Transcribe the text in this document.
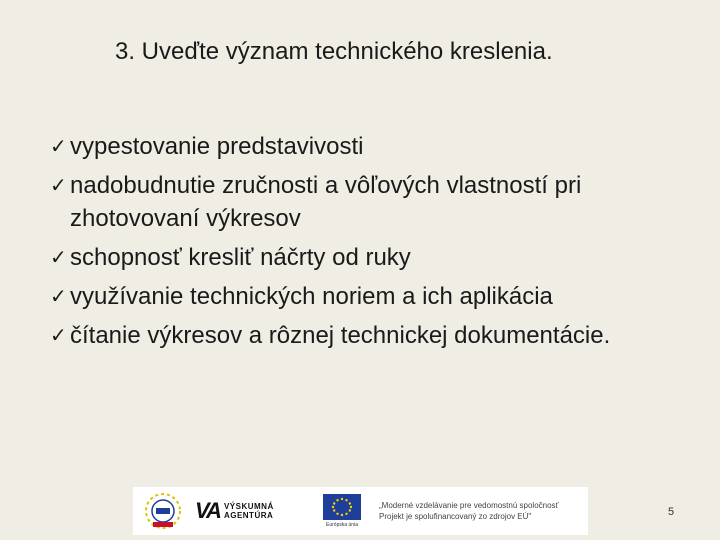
3. Uveďte význam technického kreslenia.
✓ vypestovanie predstavivosti
✓ nadobudnutie zručnosti a vôľových vlastností pri zhotovovaní výkresov
✓ schopnosť kresliť náčrty od ruky
✓ využívanie technických noriem a ich aplikácia
✓ čítanie výkresov a rôznej technickej dokumentácie.
VA VÝSKUMNÁ
AGENTÚRA
Európska únia
„Moderné vzdelávanie pre vedomostnú spoločnosť
Projekt je spolufinancovaný zo zdrojov EÚ"	5
